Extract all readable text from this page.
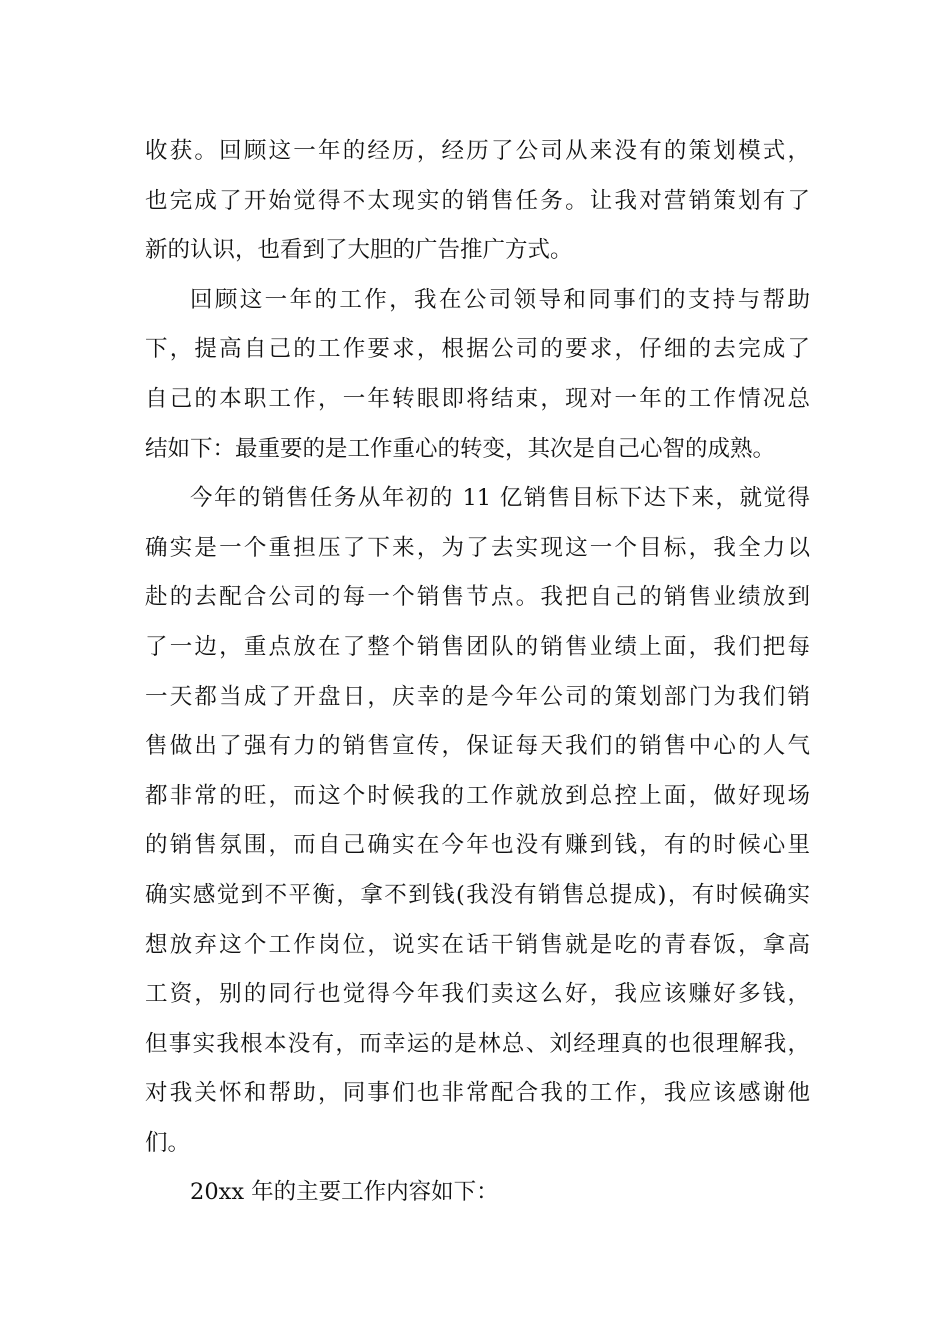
收获。回顾这一年的经历，经历了公司从来没有的策划模式，
也完成了开始觉得不太现实的销售任务。让我对营销策划有了
新的认识，也看到了大胆的广告推广方式。
回顾这一年的工作，我在公司领导和同事们的支持与帮助
下，提高自己的工作要求，根据公司的要求，仔细的去完成了
自己的本职工作，一年转眼即将结束，现对一年的工作情况总
结如下：最重要的是工作重心的转变，其次是自己心智的成熟。
今年的销售任务从年初的 11 亿销售目标下达下来，就觉得
确实是一个重担压了下来，为了去实现这一个目标，我全力以
赴的去配合公司的每一个销售节点。我把自己的销售业绩放到
了一边，重点放在了整个销售团队的销售业绩上面，我们把每
一天都当成了开盘日，庆幸的是今年公司的策划部门为我们销
售做出了强有力的销售宣传，保证每天我们的销售中心的人气
都非常的旺，而这个时候我的工作就放到总控上面，做好现场
的销售氛围，而自己确实在今年也没有赚到钱，有的时候心里
确实感觉到不平衡，拿不到钱(我没有销售总提成)，有时候确实
想放弃这个工作岗位，说实在话干销售就是吃的青春饭，拿高
工资，别的同行也觉得今年我们卖这么好，我应该赚好多钱，
但事实我根本没有，而幸运的是林总、刘经理真的也很理解我，
对我关怀和帮助，同事们也非常配合我的工作，我应该感谢他
们。
20xx 年的主要工作内容如下：
